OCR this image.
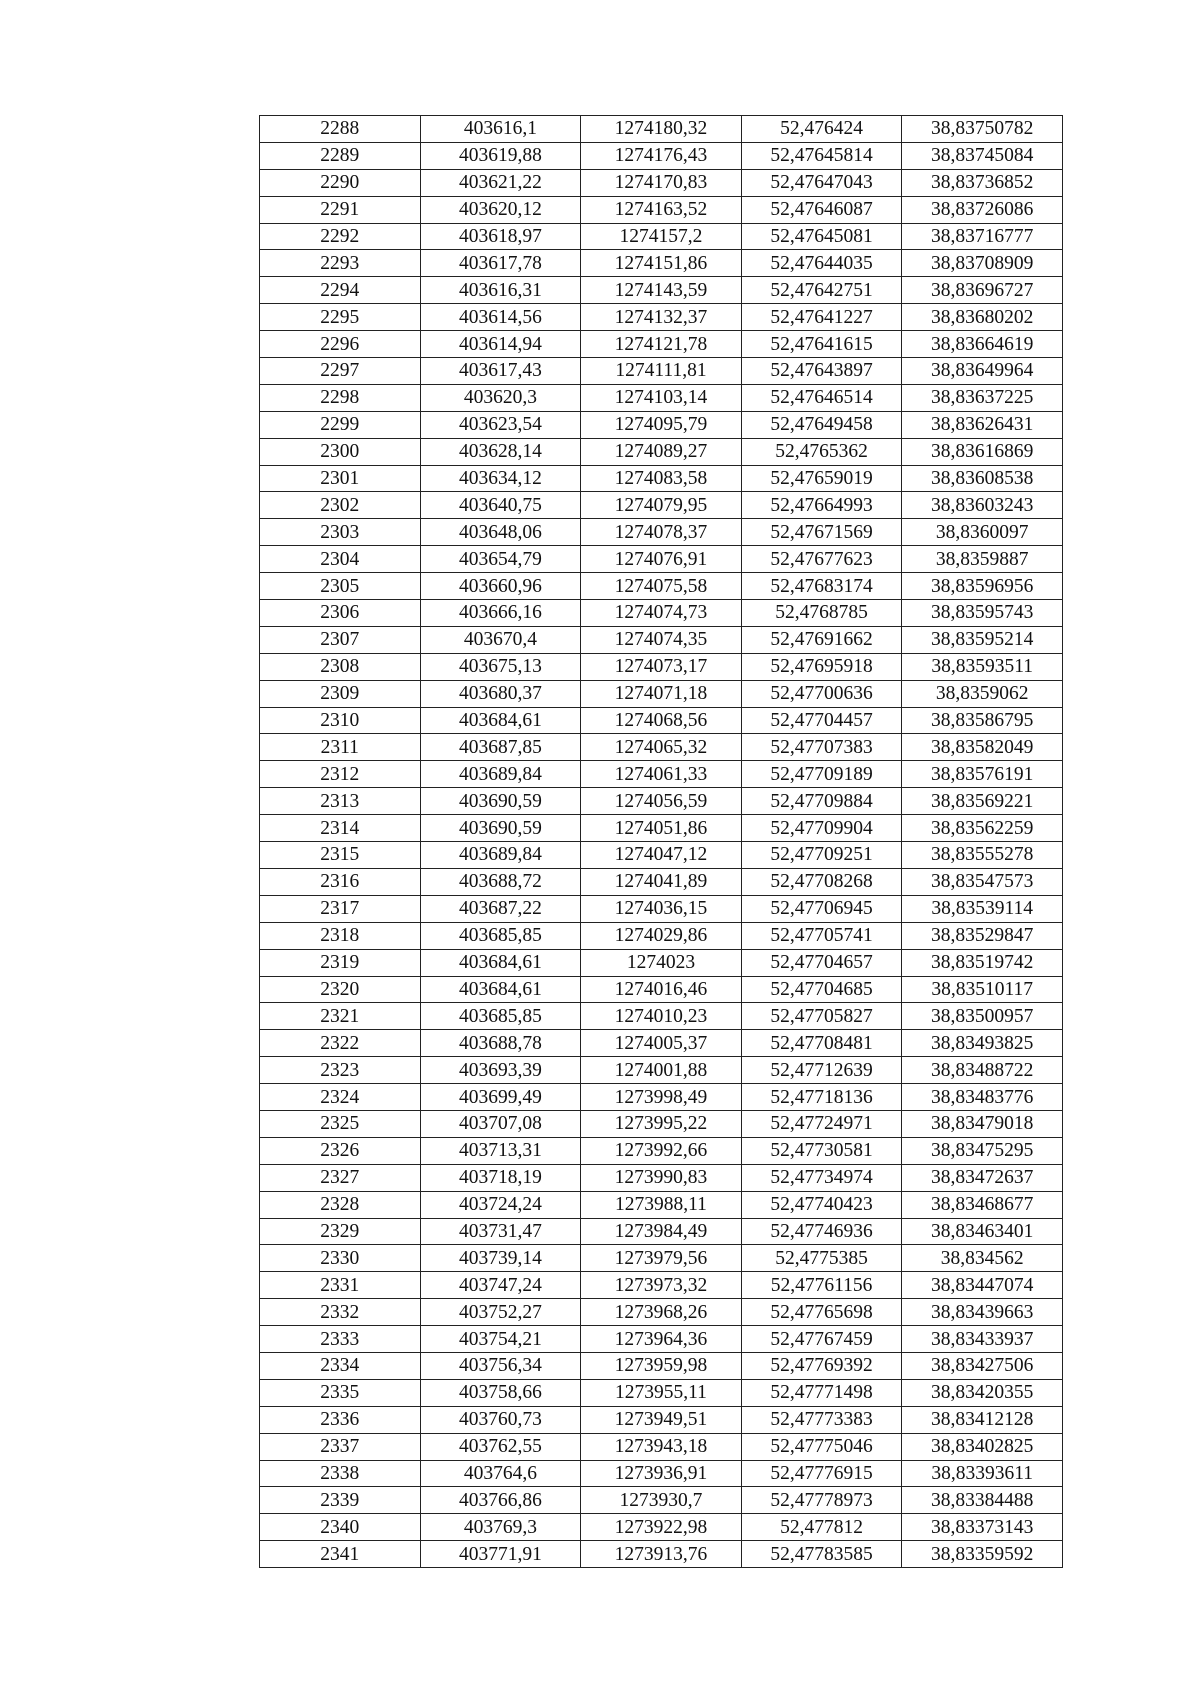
2288	403616,1	1274180,32	52,476424	38,83750782
2289	403619,88	1274176,43	52,47645814	38,83745084
2290	403621,22	1274170,83	52,47647043	38,83736852
2291	403620,12	1274163,52	52,47646087	38,83726086
2292	403618,97	1274157,2	52,47645081	38,83716777
2293	403617,78	1274151,86	52,47644035	38,83708909
2294	403616,31	1274143,59	52,47642751	38,83696727
2295	403614,56	1274132,37	52,47641227	38,83680202
2296	403614,94	1274121,78	52,47641615	38,83664619
2297	403617,43	1274111,81	52,47643897	38,83649964
2298	403620,3	1274103,14	52,47646514	38,83637225
2299	403623,54	1274095,79	52,47649458	38,83626431
2300	403628,14	1274089,27	52,4765362	38,83616869
2301	403634,12	1274083,58	52,47659019	38,83608538
2302	403640,75	1274079,95	52,47664993	38,83603243
2303	403648,06	1274078,37	52,47671569	38,8360097
2304	403654,79	1274076,91	52,47677623	38,8359887
2305	403660,96	1274075,58	52,47683174	38,83596956
2306	403666,16	1274074,73	52,4768785	38,83595743
2307	403670,4	1274074,35	52,47691662	38,83595214
2308	403675,13	1274073,17	52,47695918	38,83593511
2309	403680,37	1274071,18	52,47700636	38,8359062
2310	403684,61	1274068,56	52,47704457	38,83586795
2311	403687,85	1274065,32	52,47707383	38,83582049
2312	403689,84	1274061,33	52,47709189	38,83576191
2313	403690,59	1274056,59	52,47709884	38,83569221
2314	403690,59	1274051,86	52,47709904	38,83562259
2315	403689,84	1274047,12	52,47709251	38,83555278
2316	403688,72	1274041,89	52,47708268	38,83547573
2317	403687,22	1274036,15	52,47706945	38,83539114
2318	403685,85	1274029,86	52,47705741	38,83529847
2319	403684,61	1274023	52,47704657	38,83519742
2320	403684,61	1274016,46	52,47704685	38,83510117
2321	403685,85	1274010,23	52,47705827	38,83500957
2322	403688,78	1274005,37	52,47708481	38,83493825
2323	403693,39	1274001,88	52,47712639	38,83488722
2324	403699,49	1273998,49	52,47718136	38,83483776
2325	403707,08	1273995,22	52,47724971	38,83479018
2326	403713,31	1273992,66	52,47730581	38,83475295
2327	403718,19	1273990,83	52,47734974	38,83472637
2328	403724,24	1273988,11	52,47740423	38,83468677
2329	403731,47	1273984,49	52,47746936	38,83463401
2330	403739,14	1273979,56	52,4775385	38,834562
2331	403747,24	1273973,32	52,47761156	38,83447074
2332	403752,27	1273968,26	52,47765698	38,83439663
2333	403754,21	1273964,36	52,47767459	38,83433937
2334	403756,34	1273959,98	52,47769392	38,83427506
2335	403758,66	1273955,11	52,47771498	38,83420355
2336	403760,73	1273949,51	52,47773383	38,83412128
2337	403762,55	1273943,18	52,47775046	38,83402825
2338	403764,6	1273936,91	52,47776915	38,83393611
2339	403766,86	1273930,7	52,47778973	38,83384488
2340	403769,3	1273922,98	52,477812	38,83373143
2341	403771,91	1273913,76	52,47783585	38,83359592
